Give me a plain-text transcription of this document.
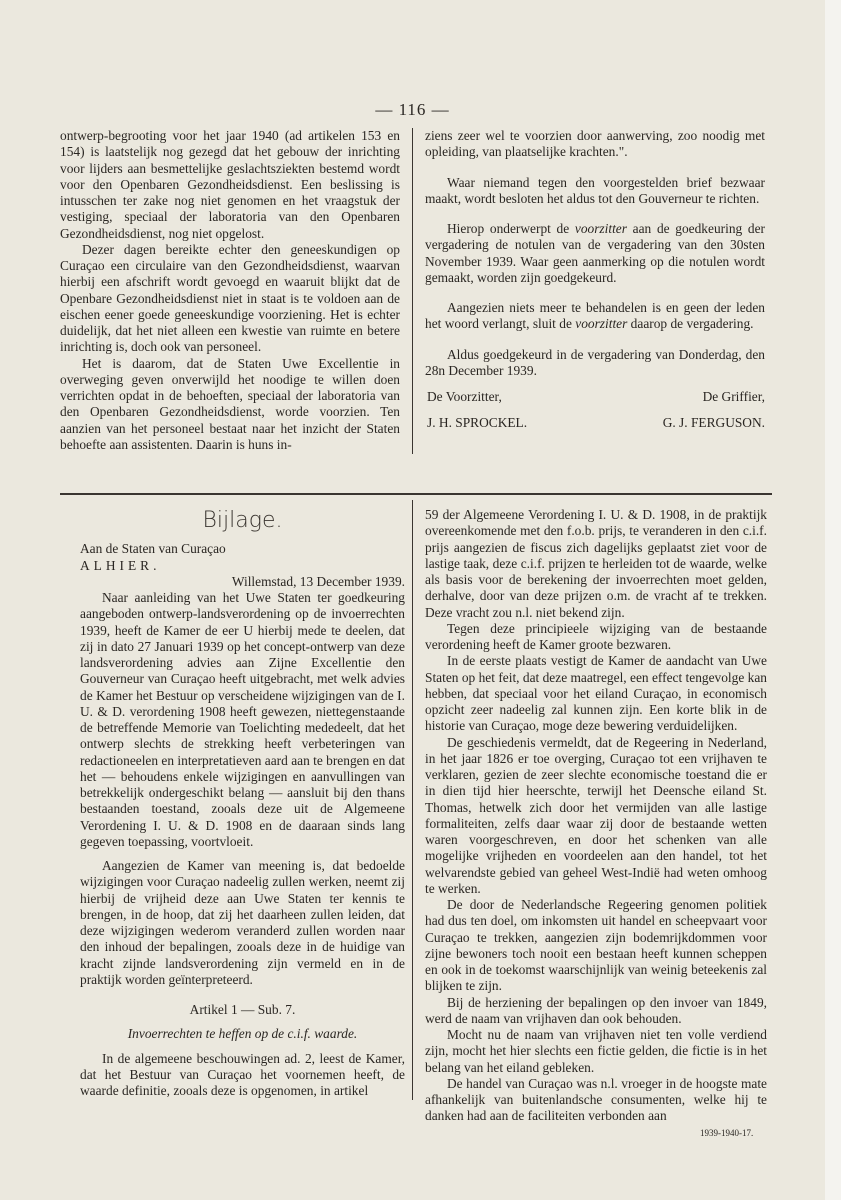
— 116 —

ontwerp-begrooting voor het jaar 1940 (ad artikelen 153 en 154) is laatstelijk nog gezegd dat het gebouw der inrichting voor lijders aan besmettelijke geslachtsziekten bestemd wordt voor den Openbaren Gezondheidsdienst. Een beslissing is intusschen ter zake nog niet genomen en het vraagstuk der vestiging, speciaal der laboratoria van den Openbaren Gezondheidsdienst, nog niet opgelost.

Dezer dagen bereikte echter den geneeskundigen op Curaçao een circulaire van den Gezondheidsdienst, waarvan hierbij een afschrift wordt gevoegd en waaruit blijkt dat de Openbare Gezondheidsdienst niet in staat is te voldoen aan de eischen eener goede geneeskundige voorziening. Het is echter duidelijk, dat het niet alleen een kwestie van ruimte en betere inrichting is, doch ook van personeel.

Het is daarom, dat de Staten Uwe Excellentie in overweging geven onverwijld het noodige te willen doen verrichten opdat in de behoeften, speciaal der laboratoria van den Openbaren Gezondheidsdienst, worde voorzien. Ten aanzien van het personeel bestaat naar het inzicht der Staten behoefte aan assistenten. Daarin is huns in-

ziens zeer wel te voorzien door aanwerving, zoo noodig met opleiding, van plaatselijke krachten.".

Waar niemand tegen den voorgestelden brief bezwaar maakt, wordt besloten het aldus tot den Gouverneur te richten.

Hierop onderwerpt de voorzitter aan de goedkeuring der vergadering de notulen van de vergadering van den 30sten November 1939. Waar geen aanmerking op die notulen wordt gemaakt, worden zijn goedgekeurd.

Aangezien niets meer te behandelen is en geen der leden het woord verlangt, sluit de voorzitter daarop de vergadering.

Aldus goedgekeurd in de vergadering van Donderdag, den 28n December 1939.

De Voorzitter,	De Griffier,
J. H. SPROCKEL.	G. J. FERGUSON.
Bijlage.

Aan de Staten van Curaçao

ALHIER.

Willemstad, 13 December 1939.

Naar aanleiding van het Uwe Staten ter goedkeuring aangeboden ontwerp-landsverordening op de invoerrechten 1939, heeft de Kamer de eer U hierbij mede te deelen, dat zij in dato 27 Januari 1939 op het concept-ontwerp van deze landsverordening advies aan Zijne Excellentie den Gouverneur van Curaçao heeft uitgebracht, met welk advies de Kamer het Bestuur op verscheidene wijzigingen van de I. U. & D. verordening 1908 heeft gewezen, niettegenstaande de betreffende Memorie van Toelichting mededeelt, dat het ontwerp slechts de strekking heeft verbeteringen van redactioneelen en interpretatieven aard aan te brengen en dat het — behoudens enkele wijzigingen en aanvullingen van betrekkelijk ondergeschikt belang — aansluit bij den thans bestaanden toestand, zooals deze uit de Algemeene Verordening I. U. & D. 1908 en de daaraan sinds lang gegeven toepassing, voortvloeit.

Aangezien de Kamer van meening is, dat bedoelde wijzigingen voor Curaçao nadeelig zullen werken, neemt zij hierbij de vrijheid deze aan Uwe Staten ter kennis te brengen, in de hoop, dat zij het daarheen zullen leiden, dat deze wijzigingen wederom veranderd zullen worden naar den inhoud der bepalingen, zooals deze in de huidige van kracht zijnde landsverordening zijn vermeld en in de praktijk worden geïnterpreteerd.

Artikel 1 — Sub. 7.

Invoerrechten te heffen op de c.i.f. waarde.

In de algemeene beschouwingen ad. 2, leest de Kamer, dat het Bestuur van Curaçao het voornemen heeft, de waarde definitie, zooals deze is opgenomen, in artikel

59 der Algemeene Verordening I. U. & D. 1908, in de praktijk overeenkomende met den f.o.b. prijs, te veranderen in den c.i.f. prijs aangezien de fiscus zich dagelijks geplaatst ziet voor de lastige taak, deze c.i.f. prijzen te herleiden tot de waarde, welke als basis voor de berekening der invoerrechten moet gelden, derhalve, door van deze prijzen o.m. de vracht af te trekken. Deze vracht zou n.l. niet bekend zijn.

Tegen deze principieele wijziging van de bestaande verordening heeft de Kamer groote bezwaren.

In de eerste plaats vestigt de Kamer de aandacht van Uwe Staten op het feit, dat deze maatregel, een effect tengevolge kan hebben, dat speciaal voor het eiland Curaçao, in economisch opzicht zeer nadeelig zal kunnen zijn. Een korte blik in de historie van Curaçao, moge deze bewering verduidelijken.

De geschiedenis vermeldt, dat de Regeering in Nederland, in het jaar 1826 er toe overging, Curaçao tot een vrijhaven te verklaren, gezien de zeer slechte economische toestand die er in dien tijd hier heerschte, terwijl het Deensche eiland St. Thomas, hetwelk zich door het vermijden van alle lastige formaliteiten, zelfs daar waar zij door de bestaande wetten waren voorgeschreven, en door het schenken van alle mogelijke vrijheden en voordeelen aan den handel, tot het welvarendste gebied van geheel West-Indië had weten omhoog te werken.

De door de Nederlandsche Regeering genomen politiek had dus ten doel, om inkomsten uit handel en scheepvaart voor Curaçao te trekken, aangezien zijn bodemrijkdommen voor zijne bewoners toch nooit een bestaan heeft kunnen scheppen en ook in de toekomst waarschijnlijk van weinig beteekenis zal blijken te zijn.

Bij de herziening der bepalingen op den invoer van 1849, werd de naam van vrijhaven dan ook behouden.

Mocht nu de naam van vrijhaven niet ten volle verdiend zijn, mocht het hier slechts een fictie gelden, die fictie is in het belang van het eiland gebleken.

De handel van Curaçao was n.l. vroeger in de hoogste mate afhankelijk van buitenlandsche consumenten, welke hij te danken had aan de faciliteiten verbonden aan

1939-1940-17.
